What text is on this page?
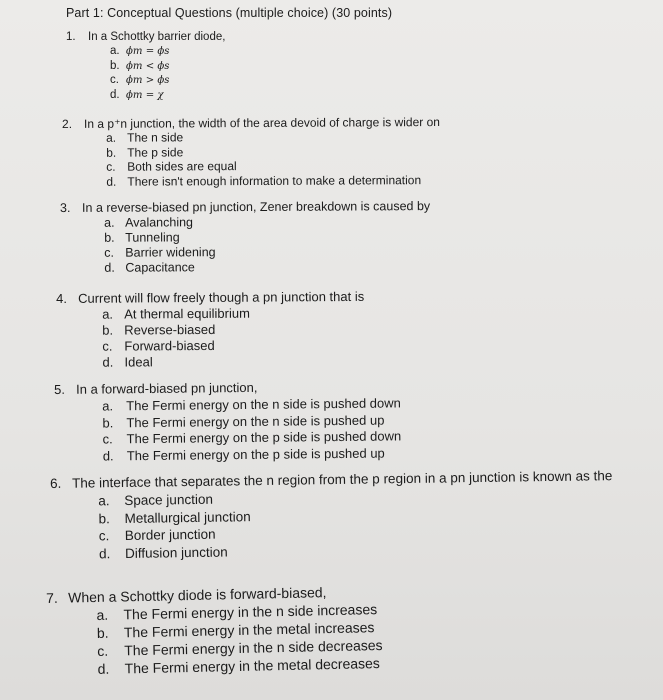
Part 1: Conceptual Questions (multiple choice) (30 points)
1. In a Schottky barrier diode,
a. ϕm = ϕs
b. ϕm < ϕs
c. ϕm > ϕs
d. ϕm = χ
2. In a p⁺n junction, the width of the area devoid of charge is wider on
a. The n side
b. The p side
c. Both sides are equal
d. There isn't enough information to make a determination
3. In a reverse-biased pn junction, Zener breakdown is caused by
a. Avalanching
b. Tunneling
c. Barrier widening
d. Capacitance
4. Current will flow freely though a pn junction that is
a. At thermal equilibrium
b. Reverse-biased
c. Forward-biased
d. Ideal
5. In a forward-biased pn junction,
a. The Fermi energy on the n side is pushed down
b. The Fermi energy on the n side is pushed up
c. The Fermi energy on the p side is pushed down
d. The Fermi energy on the p side is pushed up
6. The interface that separates the n region from the p region in a pn junction is known as the
a. Space junction
b. Metallurgical junction
c. Border junction
d. Diffusion junction
7. When a Schottky diode is forward-biased,
a. The Fermi energy in the n side increases
b. The Fermi energy in the metal increases
c. The Fermi energy in the n side decreases
d. The Fermi energy in the metal decreases
